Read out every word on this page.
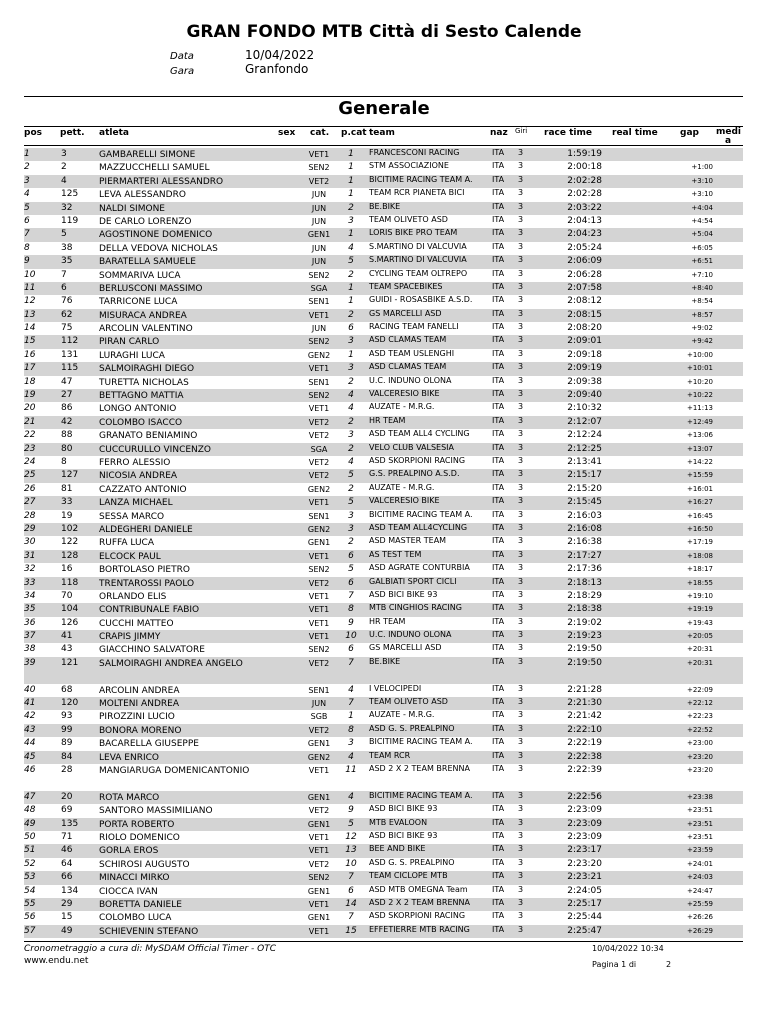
GRAN FONDO MTB Città di Sesto Calende
Data	10/04/2022
Gara	Granfondo
Generale
pos pett. atleta	sex cat. p.cat team	naz Giri race time real time gap medi a
1	3	GAMBARELLI SIMONE	VET1	1	FRANCESCONI RACING	ITA 3	1:59:19
2	2	MAZZUCCHELLI SAMUEL	SEN2	1	STM ASSOCIAZIONE	ITA 3	2:00:18	+1:00
3	4	PIERMARTERI ALESSANDRO	VET2	1	BICITIME RACING TEAM A. ITA 3	2:02:28	+3:10
4	125 LEVA ALESSANDRO	JUN	1	TEAM RCR PIANETA BICI	ITA 3	2:02:28	+3:10
5	32	NALDI SIMONE	JUN	2	BE.BIKE	ITA 3	2:03:22	+4:04
6	119 DE CARLO LORENZO	JUN	3	TEAM OLIVETO ASD	ITA 3	2:04:13	+4:54
7	5	AGOSTINONE DOMENICO	GEN1	1	LORIS BIKE PRO TEAM	ITA 3	2:04:23	+5:04
8	38	DELLA VEDOVA NICHOLAS	JUN	4	S.MARTINO DI VALCUVIA	ITA 3	2:05:24	+6:05
9	35	BARATELLA SAMUELE	JUN	5	S.MARTINO DI VALCUVIA	ITA 3	2:06:09	+6:51
10	7	SOMMARIVA LUCA	SEN2	2	CYCLING TEAM OLTREPO	ITA 3	2:06:28	+7:10
11	6	BERLUSCONI MASSIMO	SGA	1	TEAM SPACEBIKES	ITA 3	2:07:58	+8:40
12	76	TARRICONE LUCA	SEN1	1	GUIDI - ROSASBIKE A.S.D. ITA 3	2:08:12	+8:54
13	62	MISURACA ANDREA	VET1	2	GS MARCELLI ASD	ITA 3	2:08:15	+8:57
14	75	ARCOLIN VALENTINO	JUN	6	RACING TEAM FANELLI	ITA 3	2:08:20	+9:02
15	112 PIRAN CARLO	SEN2	3	ASD CLAMAS TEAM	ITA 3	2:09:01	+9:42
16	131 LURAGHI LUCA	GEN2	1	ASD TEAM USLENGHI	ITA 3	2:09:18	+10:00
17	115 SALMOIRAGHI DIEGO	VET1	3	ASD CLAMAS TEAM	ITA 3	2:09:19	+10:01
18	47	TURETTA NICHOLAS	SEN1	2	U.C. INDUNO OLONA	ITA 3	2:09:38	+10:20
19	27	BETTAGNO MATTIA	SEN2	4	VALCERESIO BIKE	ITA 3	2:09:40	+10:22
20	86	LONGO ANTONIO	VET1	4	AUZATE - M.R.G.	ITA 3	2:10:32	+11:13
21	42	COLOMBO ISACCO	VET2	2	HR TEAM	ITA 3	2:12:07	+12:49
22	88	GRANATO BENIAMINO	VET2	3	ASD TEAM ALL4 CYCLING	ITA 3	2:12:24	+13:06
23	80	CUCCURULLO VINCENZO	SGA	2	VELO CLUB VALSESIA	ITA 3	2:12:25	+13:07
24	8	FERRO ALESSIO	VET2	4	ASD SKORPIONI RACING	ITA 3	2:13:41	+14:22
25	127 NICOSIA ANDREA	VET2	5	G.S. PREALPINO A.S.D.	ITA 3	2:15:17	+15:59
26	81	CAZZATO ANTONIO	GEN2	2	AUZATE - M.R.G.	ITA 3	2:15:20	+16:01
27	33	LANZA MICHAEL	VET1	5	VALCERESIO BIKE	ITA 3	2:15:45	+16:27
28	19	SESSA MARCO	SEN1	3	BICITIME RACING TEAM A. ITA 3	2:16:03	+16:45
29	102 ALDEGHERI DANIELE	GEN2	3	ASD TEAM ALL4CYCLING	ITA 3	2:16:08	+16:50
30	122 RUFFA LUCA	GEN1	2	ASD MASTER TEAM	ITA 3	2:16:38	+17:19
31	128 ELCOCK PAUL	VET1	6	AS TEST TEM	ITA 3	2:17:27	+18:08
32	16	BORTOLASO PIETRO	SEN2	5	ASD AGRATE CONTURBIA	ITA 3	2:17:36	+18:17
33	118 TRENTAROSSI PAOLO	VET2	6	GALBIATI SPORT CICLI	ITA 3	2:18:13	+18:55
34	70	ORLANDO ELIS	VET1	7	ASD BICI BIKE 93	ITA 3	2:18:29	+19:10
35	104 CONTRIBUNALE FABIO	VET1	8	MTB CINGHIOS RACING	ITA 3	2:18:38	+19:19
36	126 CUCCHI MATTEO	VET1	9	HR TEAM	ITA 3	2:19:02	+19:43
37	41	CRAPIS JIMMY	VET1	10	U.C. INDUNO OLONA	ITA 3	2:19:23	+20:05
38	43	GIACCHINO SALVATORE	SEN2	6	GS MARCELLI ASD	ITA 3	2:19:50	+20:31
39	121 SALMOIRAGHI ANDREA ANGELO	VET2	7	BE.BIKE	ITA 3	2:19:50	+20:31
40	68	ARCOLIN ANDREA	SEN1	4	I VELOCIPEDI	ITA 3	2:21:28	+22:09
41	120 MOLTENI ANDREA	JUN	7	TEAM OLIVETO ASD	ITA 3	2:21:30	+22:12
42	93	PIROZZINI LUCIO	SGB	1	AUZATE - M.R.G.	ITA 3	2:21:42	+22:23
43	99	BONORA MORENO	VET2	8	ASD G. S. PREALPINO	ITA 3	2:22:10	+22:52
44	89	BACARELLA GIUSEPPE	GEN1	3	BICITIME RACING TEAM A. ITA 3	2:22:19	+23:00
45	84	LEVA ENRICO	GEN2	4	TEAM RCR	ITA 3	2:22:38	+23:20
46	28	MANGIARUGA DOMENICANTONIO	VET1	11	ASD 2 X 2 TEAM BRENNA	ITA 3	2:22:39	+23:20
47	20	ROTA MARCO	GEN1	4	BICITIME RACING TEAM A. ITA 3	2:22:56	+23:38
48	69	SANTORO MASSIMILIANO	VET2	9	ASD BICI BIKE 93	ITA 3	2:23:09	+23:51
49	135 PORTA ROBERTO	GEN1	5	MTB EVALOON	ITA 3	2:23:09	+23:51
50	71	RIOLO DOMENICO	VET1	12	ASD BICI BIKE 93	ITA 3	2:23:09	+23:51
51	46	GORLA EROS	VET1	13	BEE AND BIKE	ITA 3	2:23:17	+23:59
52	64	SCHIROSI AUGUSTO	VET2	10	ASD G. S. PREALPINO	ITA 3	2:23:20	+24:01
53	66	MINACCI MIRKO	SEN2	7	TEAM CICLOPE MTB	ITA 3	2:23:21	+24:03
54	134 CIOCCA IVAN	GEN1	6	ASD MTB OMEGNA Team	ITA 3	2:24:05	+24:47
55	29	BORETTA DANIELE	VET1	14	ASD 2 X 2 TEAM BRENNA	ITA 3	2:25:17	+25:59
56	15	COLOMBO LUCA	GEN1	7	ASD SKORPIONI RACING	ITA 3	2:25:44	+26:26
57	49	SCHIEVENIN STEFANO	VET1	15	EFFETIERRE MTB RACING	ITA 3	2:25:47	+26:29
Cronometraggio a cura di: MySDAM Official Timer - OTC
www.endu.net
10/04/2022 10:34
Pagina 1 di	2
